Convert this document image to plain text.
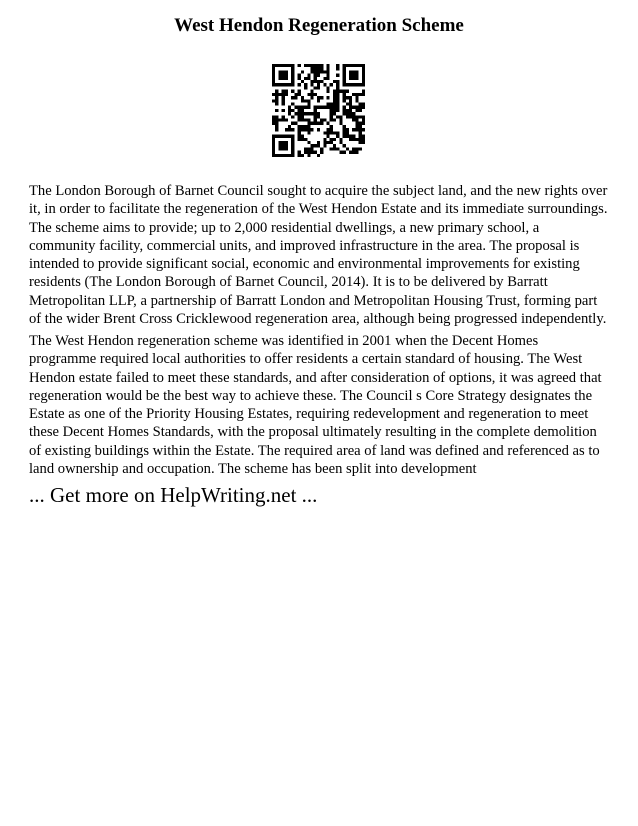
West Hendon Regeneration Scheme

The London Borough of Barnet Council sought to acquire the subject land, and the new rights over it, in order to facilitate the regeneration of the West Hendon Estate and its immediate surroundings. The scheme aims to provide; up to 2,000 residential dwellings, a new primary school, a community facility, commercial units, and improved infrastructure in the area. The proposal is intended to provide significant social, economic and environmental improvements for existing residents (The London Borough of Barnet Council, 2014). It is to be delivered by Barratt Metropolitan LLP, a partnership of Barratt London and Metropolitan Housing Trust, forming part of the wider Brent Cross Cricklewood regeneration area, although being progressed independently.

The West Hendon regeneration scheme was identified in 2001 when the Decent Homes programme required local authorities to offer residents a certain standard of housing. The West Hendon estate failed to meet these standards, and after consideration of options, it was agreed that regeneration would be the best way to achieve these. The Council s Core Strategy designates the Estate as one of the Priority Housing Estates, requiring redevelopment and regeneration to meet these Decent Homes Standards, with the proposal ultimately resulting in the complete demolition of existing buildings within the Estate. The required area of land was defined and referenced as to land ownership and occupation. The scheme has been split into development

... Get more on HelpWriting.net ...
